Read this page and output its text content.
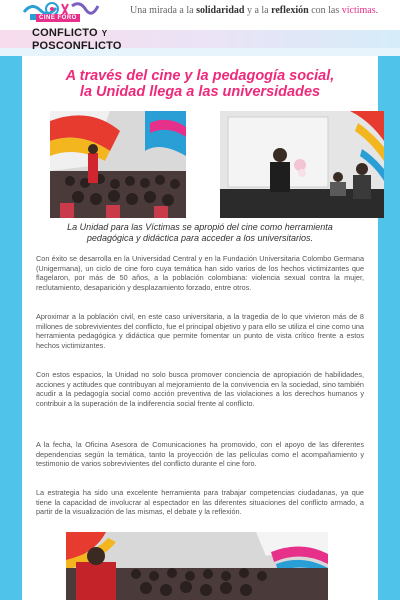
CINE FORO
CONFLICTO Y
POSCONFLICTO
Una mirada a la solidaridad y a la reflexión con las víctimas.
A través del cine y la pedagogía social,
la Unidad llega a las universidades
La Unidad para las Víctimas se apropió del cine como herramienta
pedagógica y didáctica para acceder a los universitarios.

Con éxito se desarrolla en la Universidad Central y en la Fundación Universitaria Colombo Germana (Unigermana), un ciclo de cine foro cuya temática han sido varios de los hechos victimizantes que flagelaron, por más de 50 años, a la población colombiana: violencia sexual contra la mujer, reclutamiento, desaparición y desplazamiento forzado, entre otros.

Aproximar a la población civil, en este caso universitaria, a la tragedia de lo que vivieron más de 8 millones de sobrevivientes del conflicto, fue el principal objetivo y para ello se utiliza el cine como una herramienta pedagógica y didáctica que permite fomentar un punto de vista crítico frente a estos hechos victimizantes.

Con estos espacios, la Unidad no solo busca promover conciencia de apropiación de habilidades, acciones y actitudes que contribuyan al mejoramiento de la convivencia en la sociedad, sino también acudir a la pedagogía social como acción preventiva de las violaciones a los derechos humanos y contribuir a la superación de la indiferencia social frente al conflicto.

A la fecha, la Oficina Asesora de Comunicaciones ha promovido, con el apoyo de las diferentes dependencias según la temática, tanto la proyección de las películas como el acompañamiento y testimonio de varios sobrevivientes del conflicto durante el cine foro.

La estrategia ha sido una excelente herramienta para trabajar competencias ciudadanas, ya que tiene la capacidad de involucrar al espectador en las diferentes situaciones del conflicto armado, a partir de la visualización de las mismas, el debate y la reflexión.
